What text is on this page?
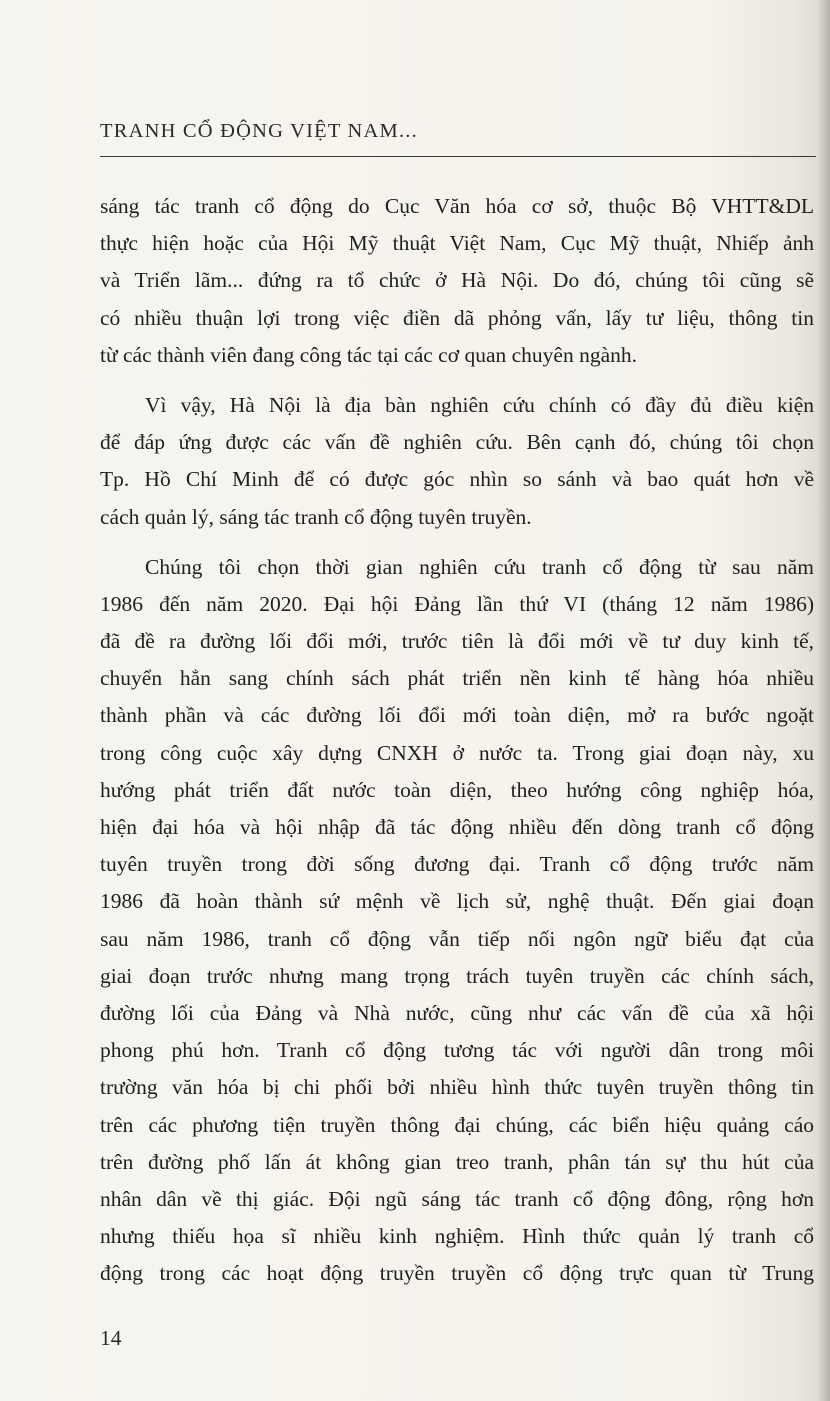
TRANH CỔ ĐỘNG VIỆT NAM...
sáng tác tranh cổ động do Cục Văn hóa cơ sở, thuộc Bộ VHTT&DL
thực hiện hoặc của Hội Mỹ thuật Việt Nam, Cục Mỹ thuật, Nhiếp ảnh
và Triển lãm... đứng ra tổ chức ở Hà Nội. Do đó, chúng tôi cũng sẽ
có nhiều thuận lợi trong việc điền dã phỏng vấn, lấy tư liệu, thông tin
từ các thành viên đang công tác tại các cơ quan chuyên ngành.
Vì vậy, Hà Nội là địa bàn nghiên cứu chính có đầy đủ điều kiện
để đáp ứng được các vấn đề nghiên cứu. Bên cạnh đó, chúng tôi chọn
Tp. Hồ Chí Minh để có được góc nhìn so sánh và bao quát hơn về
cách quản lý, sáng tác tranh cổ động tuyên truyền.
Chúng tôi chọn thời gian nghiên cứu tranh cổ động từ sau năm
1986 đến năm 2020. Đại hội Đảng lần thứ VI (tháng 12 năm 1986)
đã đề ra đường lối đổi mới, trước tiên là đổi mới về tư duy kinh tế,
chuyển hẳn sang chính sách phát triển nền kinh tế hàng hóa nhiều
thành phần và các đường lối đổi mới toàn diện, mở ra bước ngoặt
trong công cuộc xây dựng CNXH ở nước ta. Trong giai đoạn này, xu
hướng phát triển đất nước toàn diện, theo hướng công nghiệp hóa,
hiện đại hóa và hội nhập đã tác động nhiều đến dòng tranh cổ động
tuyên truyền trong đời sống đương đại. Tranh cổ động trước năm
1986 đã hoàn thành sứ mệnh về lịch sử, nghệ thuật. Đến giai đoạn
sau năm 1986, tranh cổ động vẫn tiếp nối ngôn ngữ biểu đạt của
giai đoạn trước nhưng mang trọng trách tuyên truyền các chính sách,
đường lối của Đảng và Nhà nước, cũng như các vấn đề của xã hội
phong phú hơn. Tranh cổ động tương tác với người dân trong môi
trường văn hóa bị chi phối bởi nhiều hình thức tuyên truyền thông tin
trên các phương tiện truyền thông đại chúng, các biển hiệu quảng cáo
trên đường phố lấn át không gian treo tranh, phân tán sự thu hút của
nhân dân về thị giác. Đội ngũ sáng tác tranh cổ động đông, rộng hơn
nhưng thiếu họa sĩ nhiều kinh nghiệm. Hình thức quản lý tranh cổ
động trong các hoạt động truyền truyền cổ động trực quan từ Trung
14
